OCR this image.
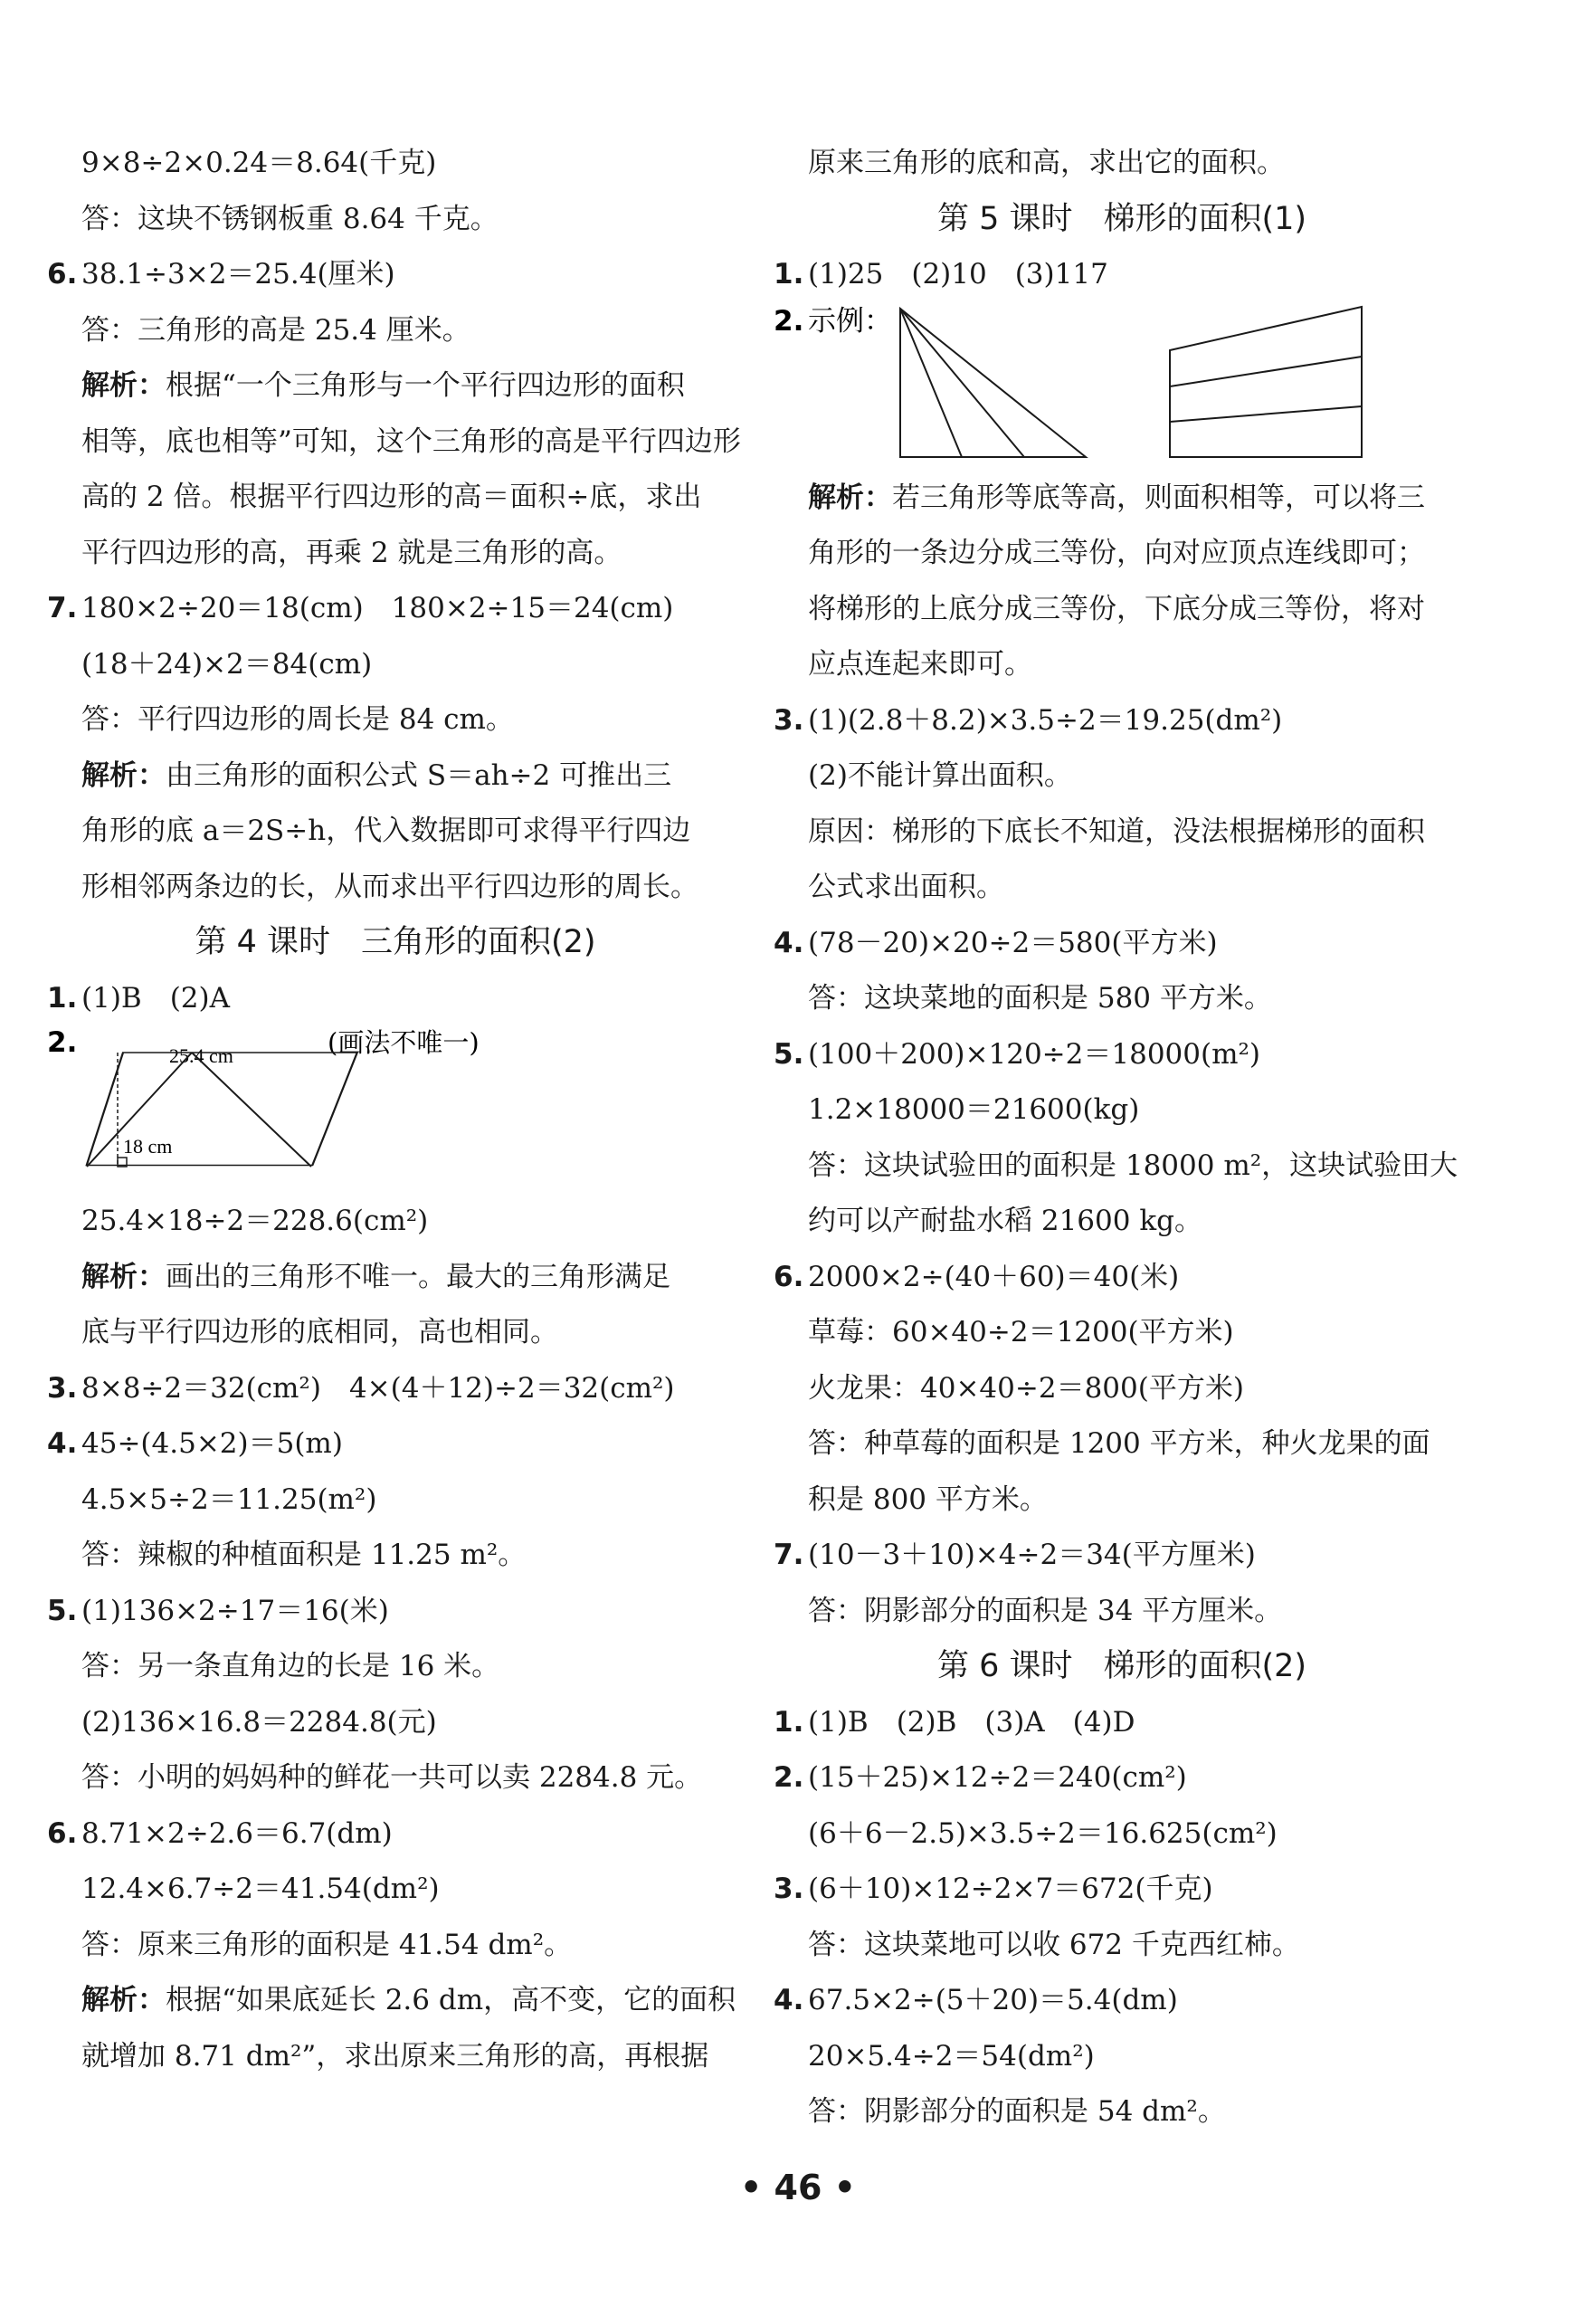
9×8÷2×0.24＝8.64(千克)
答：这块不锈钢板重 8.64 千克。
6. 38.1÷3×2＝25.4(厘米)
答：三角形的高是 25.4 厘米。
解析：根据“一个三角形与一个平行四边形的面积
相等，底也相等”可知，这个三角形的高是平行四边形
高的 2 倍。根据平行四边形的高＝面积÷底，求出
平行四边形的高，再乘 2 就是三角形的高。
7. 180×2÷20＝18(cm)　180×2÷15＝24(cm)
(18＋24)×2＝84(cm)
答：平行四边形的周长是 84 cm。
解析：由三角形的面积公式 S＝ah÷2 可推出三
角形的底 a＝2S÷h，代入数据即可求得平行四边
形相邻两条边的长，从而求出平行四边形的周长。
第 4 课时 三角形的面积(2)
1. (1)B　(2)A
2.	25.4 cm	(画法不唯一)
18 cm
25.4×18÷2＝228.6(cm²)
解析：画出的三角形不唯一。最大的三角形满足
底与平行四边形的底相同，高也相同。
3. 8×8÷2＝32(cm²)　4×(4＋12)÷2＝32(cm²)
4. 45÷(4.5×2)＝5(m)
4.5×5÷2＝11.25(m²)
答：辣椒的种植面积是 11.25 m²。
5. (1)136×2÷17＝16(米)
答：另一条直角边的长是 16 米。
(2)136×16.8＝2284.8(元)
答：小明的妈妈种的鲜花一共可以卖 2284.8 元。
6. 8.71×2÷2.6＝6.7(dm)
12.4×6.7÷2＝41.54(dm²)
答：原来三角形的面积是 41.54 dm²。
解析：根据“如果底延长 2.6 dm，高不变，它的面积
就增加 8.71 dm²”，求出原来三角形的高，再根据
原来三角形的底和高，求出它的面积。
第 5 课时 梯形的面积(1)
1. (1)25　(2)10　(3)117
2. 示例：
解析：若三角形等底等高，则面积相等，可以将三
角形的一条边分成三等份，向对应顶点连线即可；
将梯形的上底分成三等份，下底分成三等份，将对
应点连起来即可。
3. (1)(2.8＋8.2)×3.5÷2＝19.25(dm²)
(2)不能计算出面积。
原因：梯形的下底长不知道，没法根据梯形的面积
公式求出面积。
4. (78－20)×20÷2＝580(平方米)
答：这块菜地的面积是 580 平方米。
5. (100＋200)×120÷2＝18000(m²)
1.2×18000＝21600(kg)
答：这块试验田的面积是 18000 m²，这块试验田大
约可以产耐盐水稻 21600 kg。
6. 2000×2÷(40＋60)＝40(米)
草莓：60×40÷2＝1200(平方米)
火龙果：40×40÷2＝800(平方米)
答：种草莓的面积是 1200 平方米，种火龙果的面
积是 800 平方米。
7. (10－3＋10)×4÷2＝34(平方厘米)
答：阴影部分的面积是 34 平方厘米。
第 6 课时 梯形的面积(2)
1. (1)B　(2)B　(3)A　(4)D
2. (15＋25)×12÷2＝240(cm²)
(6＋6－2.5)×3.5÷2＝16.625(cm²)
3. (6＋10)×12÷2×7＝672(千克)
答：这块菜地可以收 672 千克西红柿。
4. 67.5×2÷(5＋20)＝5.4(dm)
20×5.4÷2＝54(dm²)
答：阴影部分的面积是 54 dm²。
• 46 •
